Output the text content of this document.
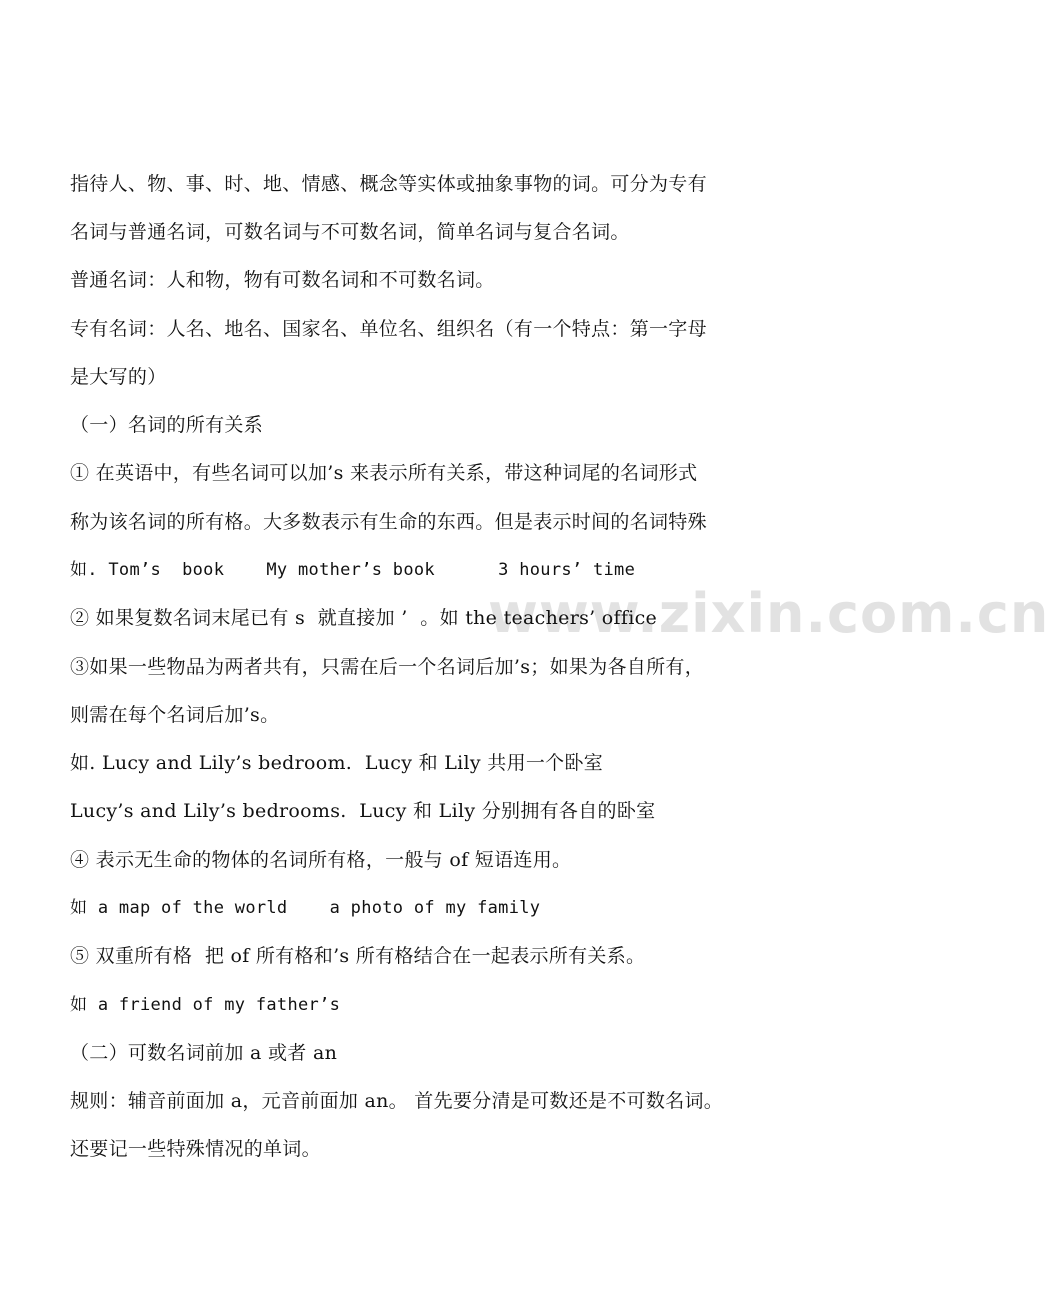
www.zixin.com.cn
指待人、物、事、时、地、情感、概念等实体或抽象事物的词。可分为专有
名词与普通名词，可数名词与不可数名词，简单名词与复合名词。
普通名词：人和物，物有可数名词和不可数名词。
专有名词：人名、地名、国家名、单位名、组织名（有一个特点：第一字母
是大写的）
（一）名词的所有关系
① 在英语中，有些名词可以加’s 来表示所有关系，带这种词尾的名词形式
称为该名词的所有格。大多数表示有生命的东西。但是表示时间的名词特殊
如. Tom’s  book    My mother’s book      3 hours’ time
② 如果复数名词末尾已有 s  就直接加 ’  。如 the teachers’ office
③如果一些物品为两者共有，只需在后一个名词后加’s；如果为各自所有，
则需在每个名词后加’s。
如. Lucy and Lily’s bedroom.  Lucy 和 Lily 共用一个卧室
Lucy’s and Lily’s bedrooms.  Lucy 和 Lily 分别拥有各自的卧室
④ 表示无生命的物体的名词所有格，一般与 of 短语连用。
如 a map of the world    a photo of my family
⑤ 双重所有格  把 of 所有格和’s 所有格结合在一起表示所有关系。
如 a friend of my father’s
（二）可数名词前加 a 或者 an
规则：辅音前面加 a，元音前面加 an。 首先要分清是可数还是不可数名词。
还要记一些特殊情况的单词。
